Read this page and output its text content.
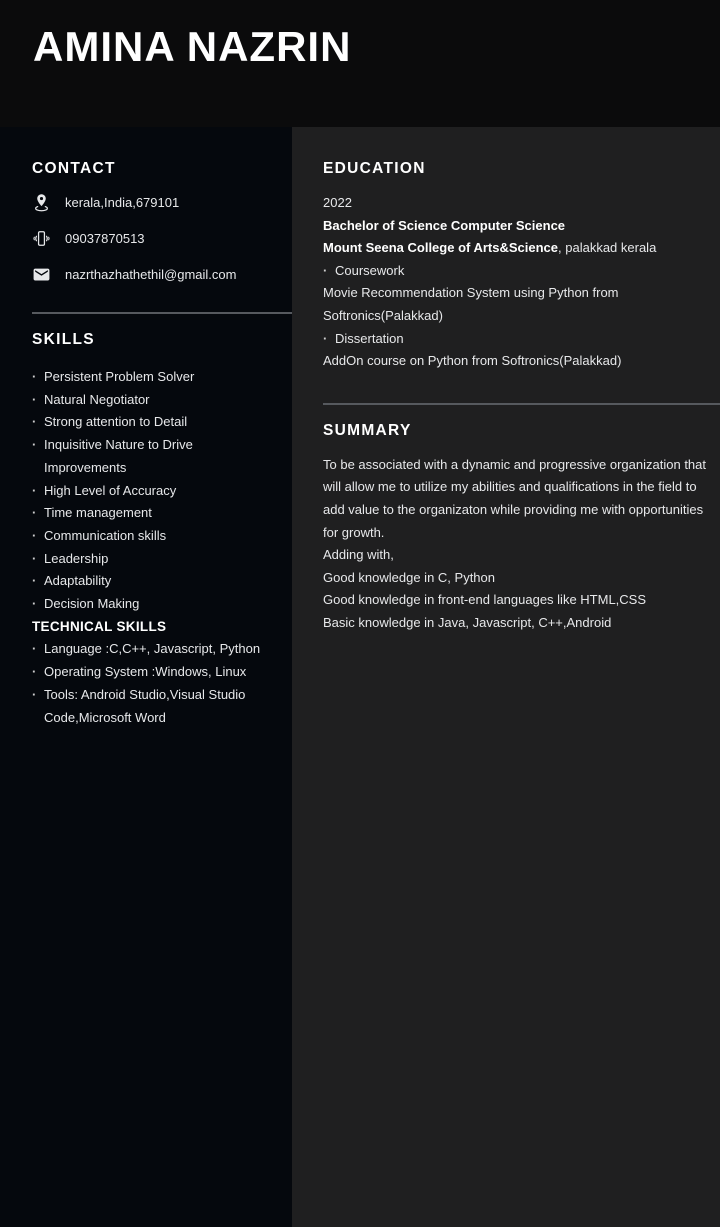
AMINA NAZRIN
CONTACT
kerala,India,679101
09037870513
nazrthazhathethil@gmail.com
SKILLS
· Persistent Problem Solver
· Natural Negotiator
· Strong attention to Detail
· Inquisitive Nature to Drive Improvements
· High Level of Accuracy
· Time management
· Communication skills
· Leadership
· Adaptability
· Decision Making
TECHNICAL SKILLS
· Language :C,C++, Javascript, Python
· Operating System :Windows, Linux
· Tools: Android Studio,Visual Studio Code,Microsoft Word
EDUCATION
2022
Bachelor of Science Computer Science
Mount Seena College of Arts&Science, palakkad kerala
· Coursework
Movie Recommendation System using Python from Softronics(Palakkad)
· Dissertation
AddOn course on Python from Softronics(Palakkad)
SUMMARY
To be associated with a dynamic and progressive organization that will allow me to utilize my abilities and qualifications in the field to add value to the organizaton while providing me with opportunities for growth.
Adding with,
Good knowledge in C, Python
Good knowledge in front-end languages like HTML,CSS
Basic knowledge in Java, Javascript, C++,Android
